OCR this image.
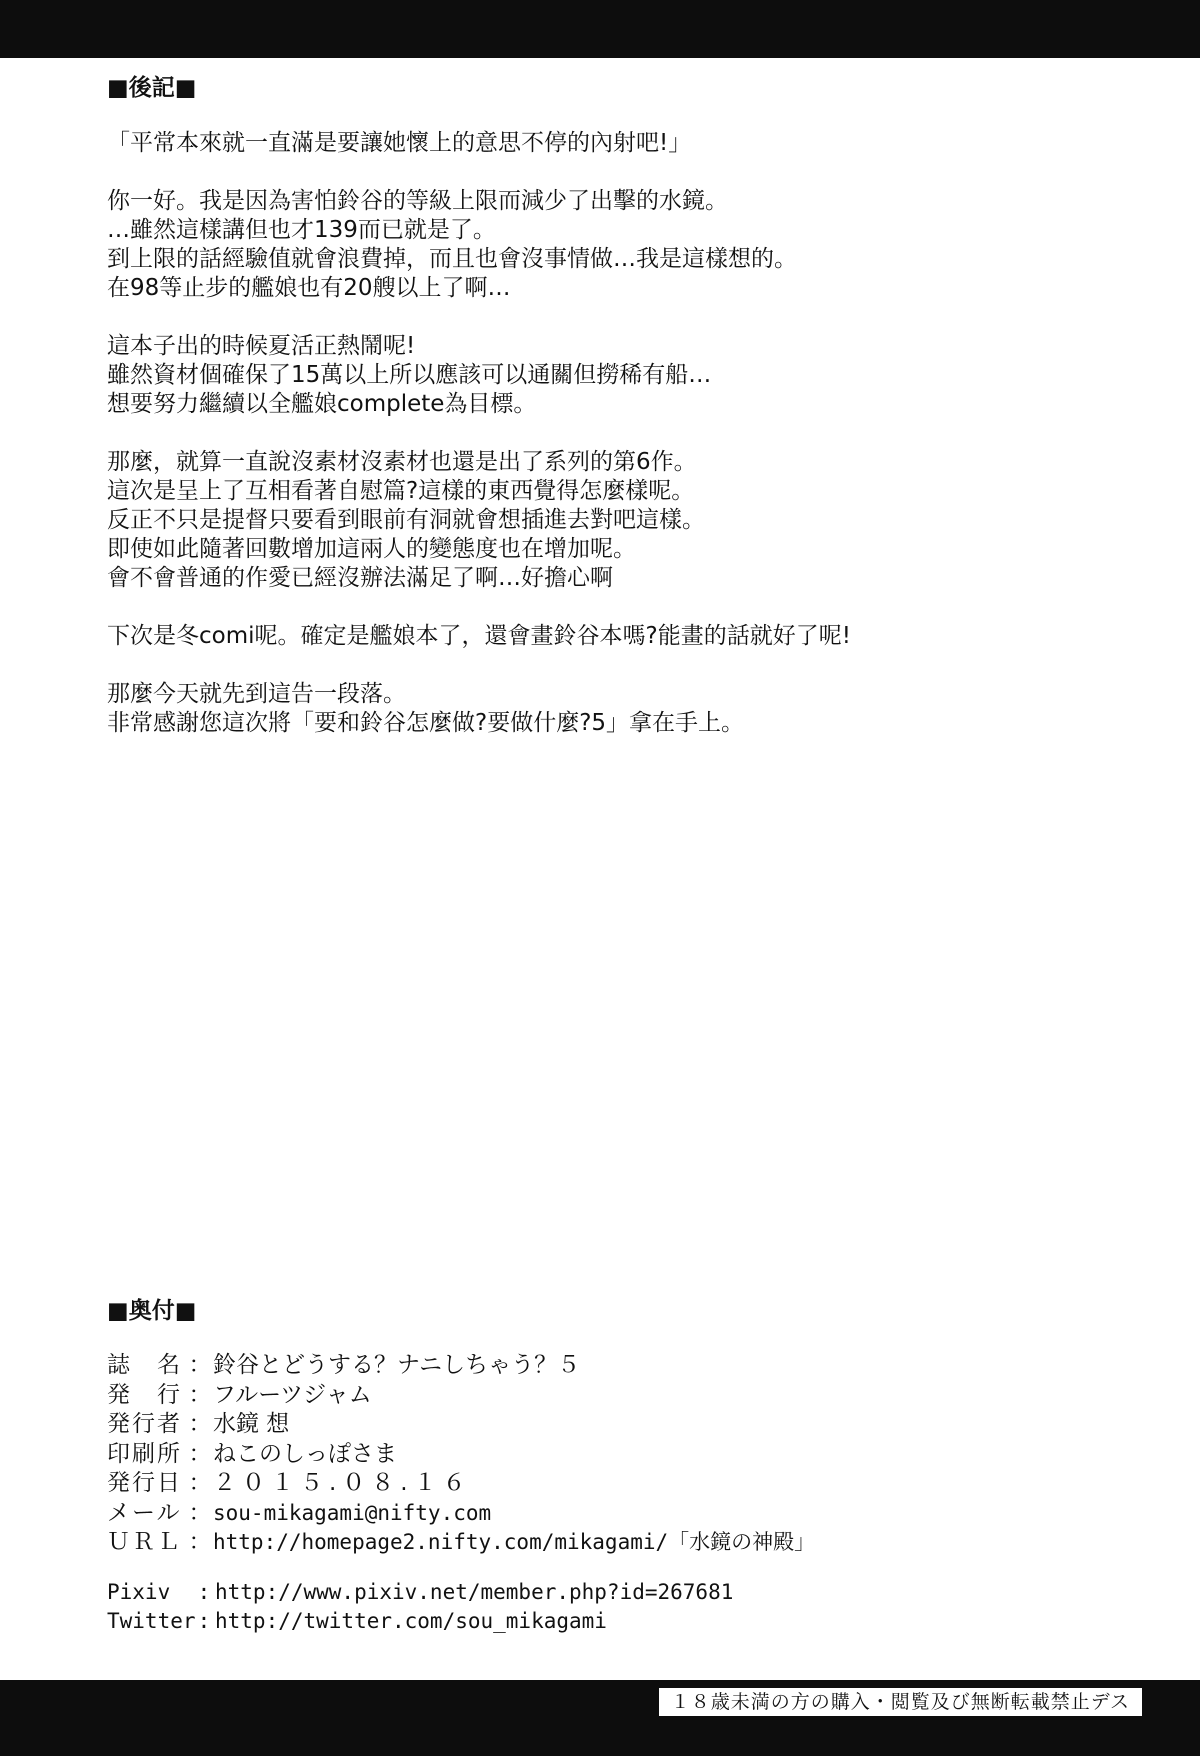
■後記■

「平常本來就一直滿是要讓她懷上的意思不停的內射吧!」

你一好。我是因為害怕鈴谷的等級上限而減少了出擊的水鏡。
…雖然這樣講但也才139而已就是了。
到上限的話經驗值就會浪費掉，而且也會沒事情做…我是這樣想的。
在98等止步的艦娘也有20艘以上了啊…

這本子出的時候夏活正熱鬧呢!
雖然資材個確保了15萬以上所以應該可以通關但撈稀有船…
想要努力繼續以全艦娘complete為目標。

那麼，就算一直說沒素材沒素材也還是出了系列的第6作。
這次是呈上了互相看著自慰篇?這樣的東西覺得怎麼樣呢。
反正不只是提督只要看到眼前有洞就會想插進去對吧這樣。
即使如此隨著回數增加這兩人的變態度也在增加呢。
會不會普通的作愛已經沒辦法滿足了啊…好擔心啊

下次是冬comi呢。確定是艦娘本了，還會畫鈴谷本嗎?能畫的話就好了呢!

那麼今天就先到這告一段落。
非常感謝您這次將「要和鈴谷怎麼做?要做什麼?5」拿在手上。

■奥付■
誌　名 ： 鈴谷とどうする？ナニしちゃう？５
発　行 ： フルーツジャム
発行者 ： 水鏡 想
印刷所 ： ねこのしっぽさま
発行日 ： ２０１５.０８.１６
メール ： sou-mikagami@nifty.com
ＵＲＬ ： http://homepage2.nifty.com/mikagami/「水鏡の神殿」
Pixiv	: http://www.pixiv.net/member.php?id=267681
Twitter : http://twitter.com/sou_mikagami
１８歳未満の方の購入・閲覧及び無断転載禁止デス
